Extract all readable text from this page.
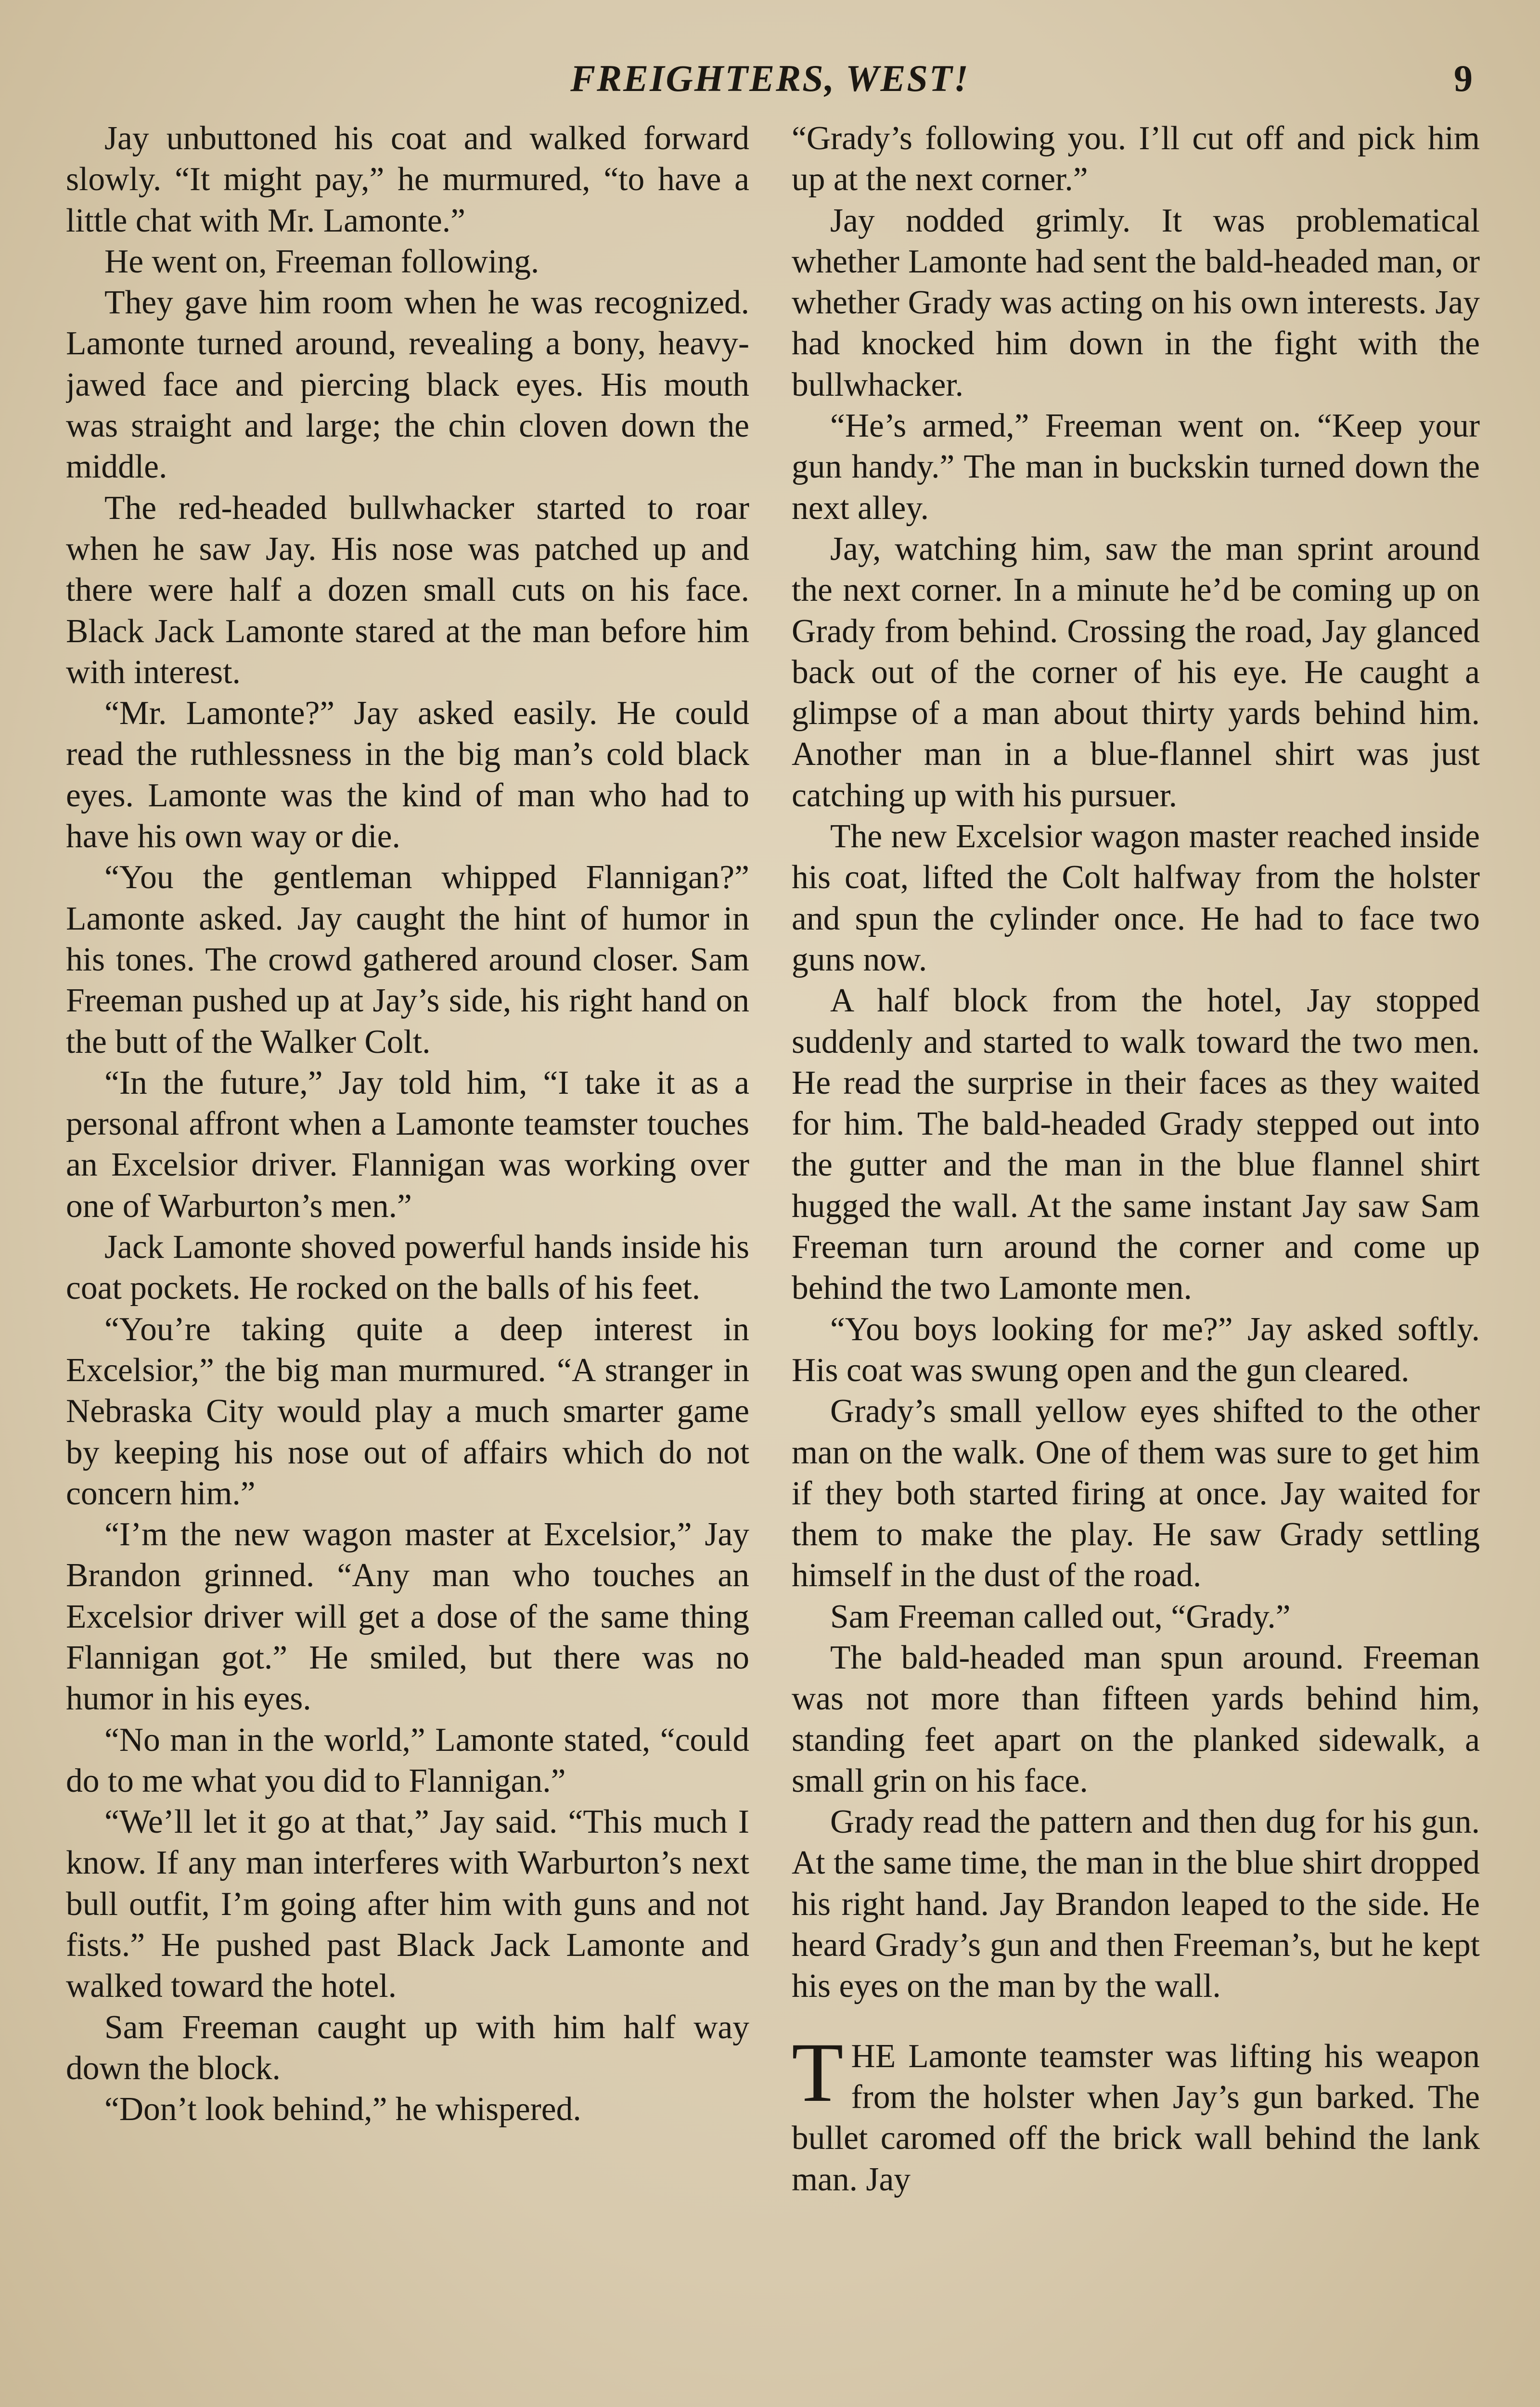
FREIGHTERS, WEST!	9

Jay unbuttoned his coat and walked forward slowly. “It might pay,” he murmured, “to have a little chat with Mr. Lamonte.”

He went on, Freeman following.

They gave him room when he was recognized. Lamonte turned around, revealing a bony, heavy-jawed face and piercing black eyes. His mouth was straight and large; the chin cloven down the middle.

The red-headed bullwhacker started to roar when he saw Jay. His nose was patched up and there were half a dozen small cuts on his face. Black Jack Lamonte stared at the man before him with interest.

“Mr. Lamonte?” Jay asked easily. He could read the ruthlessness in the big man’s cold black eyes. Lamonte was the kind of man who had to have his own way or die.

“You the gentleman whipped Flannigan?” Lamonte asked. Jay caught the hint of humor in his tones. The crowd gathered around closer. Sam Freeman pushed up at Jay’s side, his right hand on the butt of the Walker Colt.

“In the future,” Jay told him, “I take it as a personal affront when a Lamonte teamster touches an Excelsior driver. Flannigan was working over one of Warburton’s men.”

Jack Lamonte shoved powerful hands inside his coat pockets. He rocked on the balls of his feet.

“You’re taking quite a deep interest in Excelsior,” the big man murmured. “A stranger in Nebraska City would play a much smarter game by keeping his nose out of affairs which do not concern him.”

“I’m the new wagon master at Excelsior,” Jay Brandon grinned. “Any man who touches an Excelsior driver will get a dose of the same thing Flannigan got.” He smiled, but there was no humor in his eyes.

“No man in the world,” Lamonte stated, “could do to me what you did to Flannigan.”

“We’ll let it go at that,” Jay said. “This much I know. If any man interferes with Warburton’s next bull outfit, I’m going after him with guns and not fists.” He pushed past Black Jack Lamonte and walked toward the hotel.

Sam Freeman caught up with him half way down the block.

“Don’t look behind,” he whispered.

“Grady’s following you. I’ll cut off and pick him up at the next corner.”

Jay nodded grimly. It was problematical whether Lamonte had sent the bald-headed man, or whether Grady was acting on his own interests. Jay had knocked him down in the fight with the bullwhacker.

“He’s armed,” Freeman went on. “Keep your gun handy.” The man in buckskin turned down the next alley.

Jay, watching him, saw the man sprint around the next corner. In a minute he’d be coming up on Grady from behind. Crossing the road, Jay glanced back out of the corner of his eye. He caught a glimpse of a man about thirty yards behind him. Another man in a blue-flannel shirt was just catching up with his pursuer.

The new Excelsior wagon master reached inside his coat, lifted the Colt halfway from the holster and spun the cylinder once. He had to face two guns now.

A half block from the hotel, Jay stopped suddenly and started to walk toward the two men. He read the surprise in their faces as they waited for him. The bald-headed Grady stepped out into the gutter and the man in the blue flannel shirt hugged the wall. At the same instant Jay saw Sam Freeman turn around the corner and come up behind the two Lamonte men.

“You boys looking for me?” Jay asked softly. His coat was swung open and the gun cleared.

Grady’s small yellow eyes shifted to the other man on the walk. One of them was sure to get him if they both started firing at once. Jay waited for them to make the play. He saw Grady settling himself in the dust of the road.

Sam Freeman called out, “Grady.”

The bald-headed man spun around. Freeman was not more than fifteen yards behind him, standing feet apart on the planked sidewalk, a small grin on his face.

Grady read the pattern and then dug for his gun. At the same time, the man in the blue shirt dropped his right hand. Jay Brandon leaped to the side. He heard Grady’s gun and then Freeman’s, but he kept his eyes on the man by the wall.

THE Lamonte teamster was lifting his weapon from the holster when Jay’s gun barked. The bullet caromed off the brick wall behind the lank man. Jay
